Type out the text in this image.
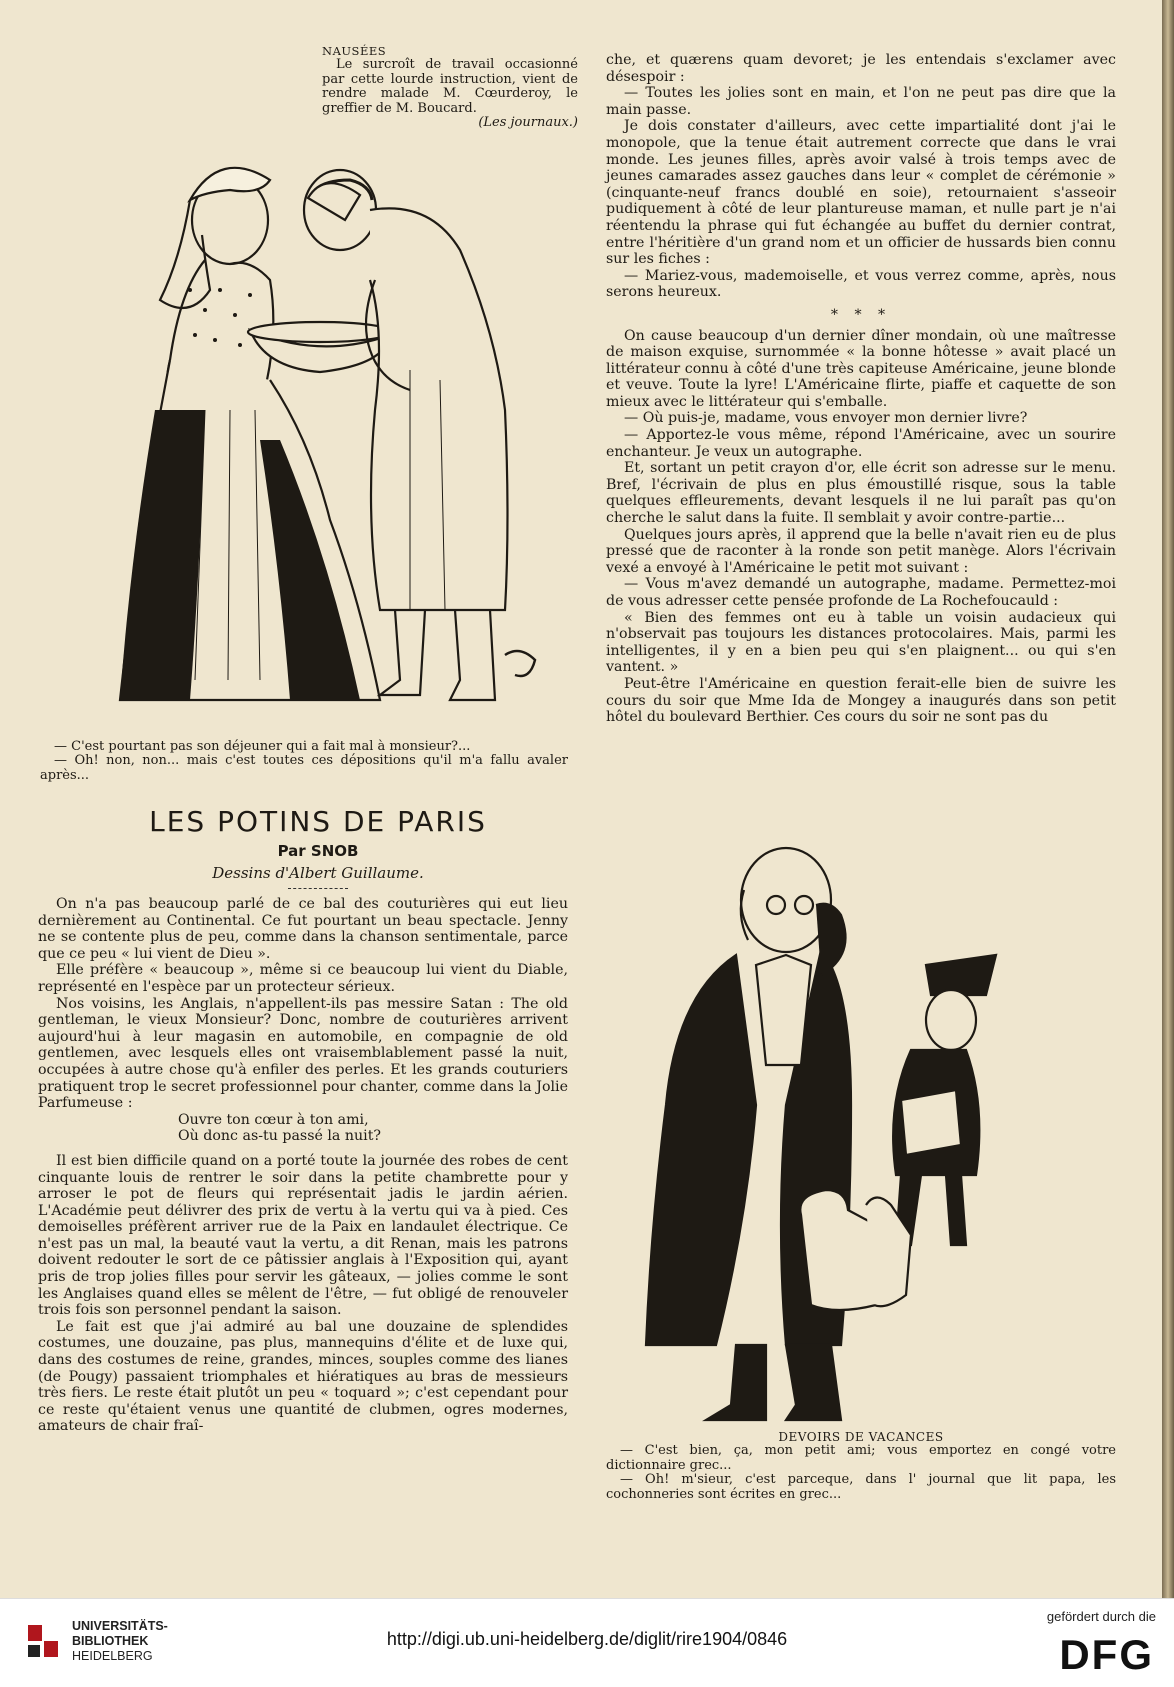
NAUSÉES

Le surcroît de travail occasionné par cette lourde instruction, vient de rendre malade M. Cœurderoy, le greffier de M. Boucard.

(Les journaux.)

— C'est pourtant pas son déjeuner qui a fait mal à monsieur?...

— Oh! non, non... mais c'est toutes ces dépositions qu'il m'a fallu avaler après...

LES POTINS DE PARIS
Par SNOB
Dessins d'Albert Guillaume.

On n'a pas beaucoup parlé de ce bal des couturières qui eut lieu dernièrement au Continental. Ce fut pourtant un beau spectacle. Jenny ne se contente plus de peu, comme dans la chanson sentimentale, parce que ce peu « lui vient de Dieu ».

Elle préfère « beaucoup », même si ce beaucoup lui vient du Diable, représenté en l'espèce par un protecteur sérieux.

Nos voisins, les Anglais, n'appellent-ils pas messire Satan : The old gentleman, le vieux Monsieur? Donc, nombre de couturières arrivent aujourd'hui à leur magasin en automobile, en compagnie de old gentlemen, avec lesquels elles ont vraisemblablement passé la nuit, occupées à autre chose qu'à enfiler des perles. Et les grands couturiers pratiquent trop le secret professionnel pour chanter, comme dans la Jolie Parfumeuse :

Ouvre ton cœur à ton ami,

Où donc as-tu passé la nuit?

Il est bien difficile quand on a porté toute la journée des robes de cent cinquante louis de rentrer le soir dans la petite chambrette pour y arroser le pot de fleurs qui représentait jadis le jardin aérien. L'Académie peut délivrer des prix de vertu à la vertu qui va à pied. Ces demoiselles préfèrent arriver rue de la Paix en landaulet électrique. Ce n'est pas un mal, la beauté vaut la vertu, a dit Renan, mais les patrons doivent redouter le sort de ce pâtissier anglais à l'Exposition qui, ayant pris de trop jolies filles pour servir les gâteaux, — jolies comme le sont les Anglaises quand elles se mêlent de l'être, — fut obligé de renouveler trois fois son personnel pendant la saison.

Le fait est que j'ai admiré au bal une douzaine de splendides costumes, une douzaine, pas plus, mannequins d'élite et de luxe qui, dans des costumes de reine, grandes, minces, souples comme des lianes (de Pougy) passaient triomphales et hiératiques au bras de messieurs très fiers. Le reste était plutôt un peu « toquard »; c'est cependant pour ce reste qu'étaient venus une quantité de clubmen, ogres modernes, amateurs de chair fraî-

che, et quærens quam devoret; je les entendais s'exclamer avec désespoir :

— Toutes les jolies sont en main, et l'on ne peut pas dire que la main passe.

Je dois constater d'ailleurs, avec cette impartialité dont j'ai le monopole, que la tenue était autrement correcte que dans le vrai monde. Les jeunes filles, après avoir valsé à trois temps avec de jeunes camarades assez gauches dans leur « complet de cérémonie » (cinquante-neuf francs doublé en soie), retournaient s'asseoir pudiquement à côté de leur plantureuse maman, et nulle part je n'ai réentendu la phrase qui fut échangée au buffet du dernier contrat, entre l'héritière d'un grand nom et un officier de hussards bien connu sur les fiches :

— Mariez-vous, mademoiselle, et vous verrez comme, après, nous serons heureux.

* * *

On cause beaucoup d'un dernier dîner mondain, où une maîtresse de maison exquise, surnommée « la bonne hôtesse » avait placé un littérateur connu à côté d'une très capiteuse Américaine, jeune blonde et veuve. Toute la lyre! L'Américaine flirte, piaffe et caquette de son mieux avec le littérateur qui s'emballe.

— Où puis-je, madame, vous envoyer mon dernier livre?

— Apportez-le vous même, répond l'Américaine, avec un sourire enchanteur. Je veux un autographe.

Et, sortant un petit crayon d'or, elle écrit son adresse sur le menu. Bref, l'écrivain de plus en plus émoustillé risque, sous la table quelques effleurements, devant lesquels il ne lui paraît pas qu'on cherche le salut dans la fuite. Il semblait y avoir contre-partie...

Quelques jours après, il apprend que la belle n'avait rien eu de plus pressé que de raconter à la ronde son petit manège. Alors l'écrivain vexé a envoyé à l'Américaine le petit mot suivant :

— Vous m'avez demandé un autographe, madame. Permettez-moi de vous adresser cette pensée profonde de La Rochefoucauld :

« Bien des femmes ont eu à table un voisin audacieux qui n'observait pas toujours les distances protocolaires. Mais, parmi les intelligentes, il y en a bien peu qui s'en plaignent... ou qui s'en vantent. »

Peut-être l'Américaine en question ferait-elle bien de suivre les cours du soir que Mme Ida de Mongey a inaugurés dans son petit hôtel du boulevard Berthier. Ces cours du soir ne sont pas du

DEVOIRS DE VACANCES

— C'est bien, ça, mon petit ami; vous emportez en congé votre dictionnaire grec...

— Oh! m'sieur, c'est parceque, dans l' journal que lit papa, les cochonneries sont écrites en grec...

UNIVERSITÄTS-
BIBLIOTHEK
HEIDELBERG
http://digi.ub.uni-heidelberg.de/diglit/rire1904/0846
gefördert durch die
DFG
